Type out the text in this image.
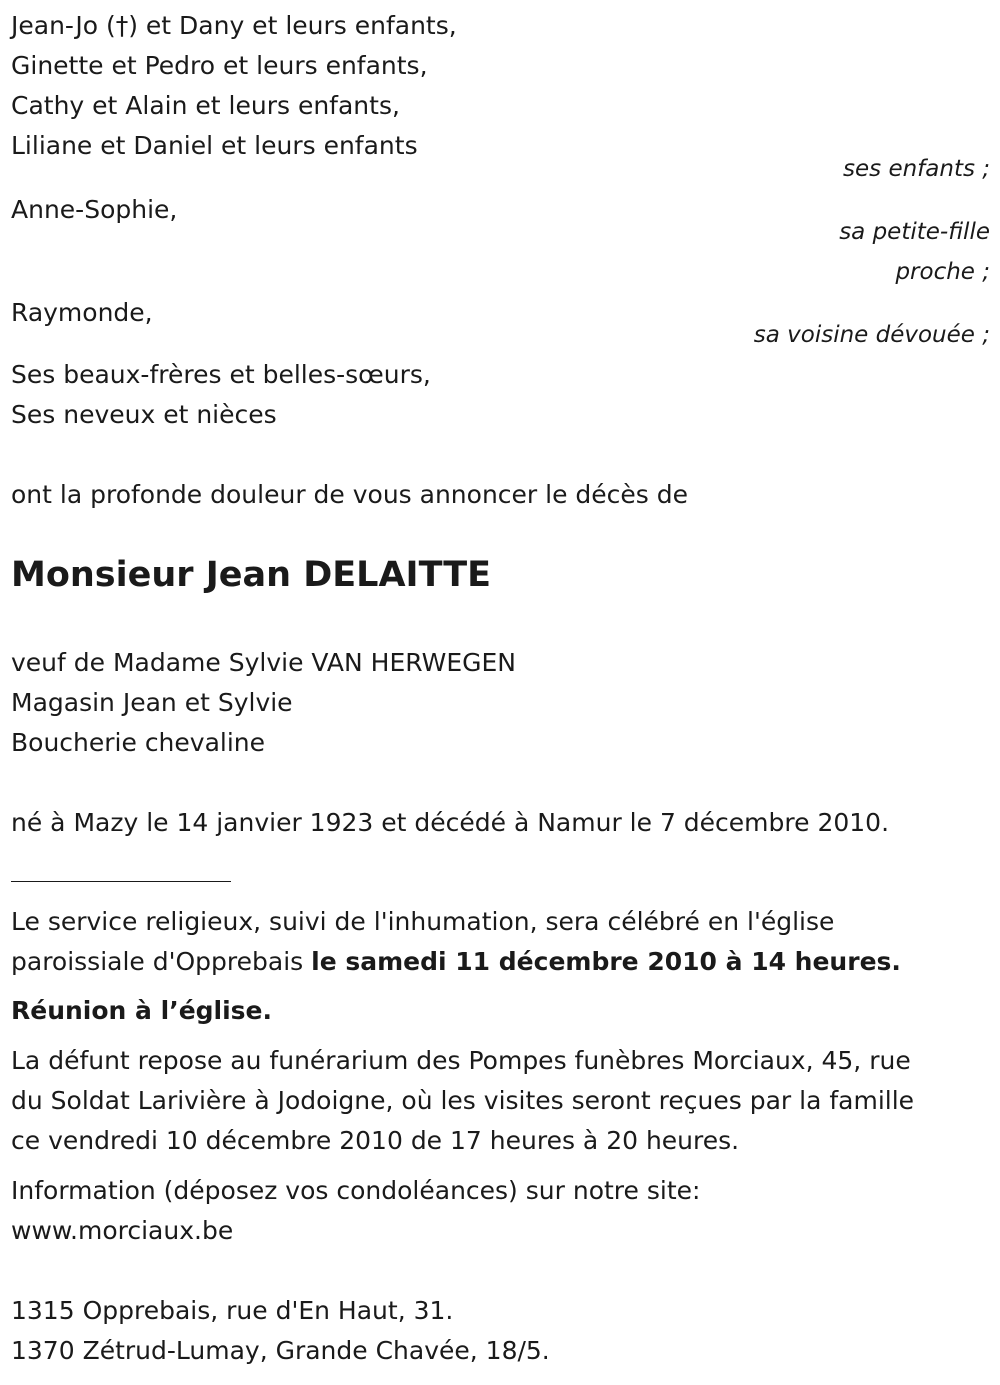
Jean-Jo (†) et Dany et leurs enfants,

Ginette et Pedro et leurs enfants,

Cathy et Alain et leurs enfants,

Liliane et Daniel et leurs enfants

ses enfants ;

Anne-Sophie,

sa petite-fille
proche ;

Raymonde,

sa voisine dévouée ;

Ses beaux-frères et belles-sœurs,

Ses neveux et nièces

ont la profonde douleur de vous annoncer le décès de

Monsieur Jean DELAITTE

veuf de Madame Sylvie VAN HERWEGEN

Magasin Jean et Sylvie

Boucherie chevaline

né à Mazy le 14 janvier 1923 et décédé à Namur le 7 décembre 2010.

Le service religieux, suivi de l'inhumation, sera célébré en l'église

paroissiale d'Opprebais le samedi 11 décembre 2010 à 14 heures.

Réunion à l’église.

La défunt repose au funérarium des Pompes funèbres Morciaux, 45, rue

du Soldat Larivière à Jodoigne, où les visites seront reçues par la famille

ce vendredi 10 décembre 2010 de 17 heures à 20 heures.

Information (déposez vos condoléances) sur notre site:

www.morciaux.be

1315 Opprebais, rue d'En Haut, 31.

1370 Zétrud-Lumay, Grande Chavée, 18/5.
